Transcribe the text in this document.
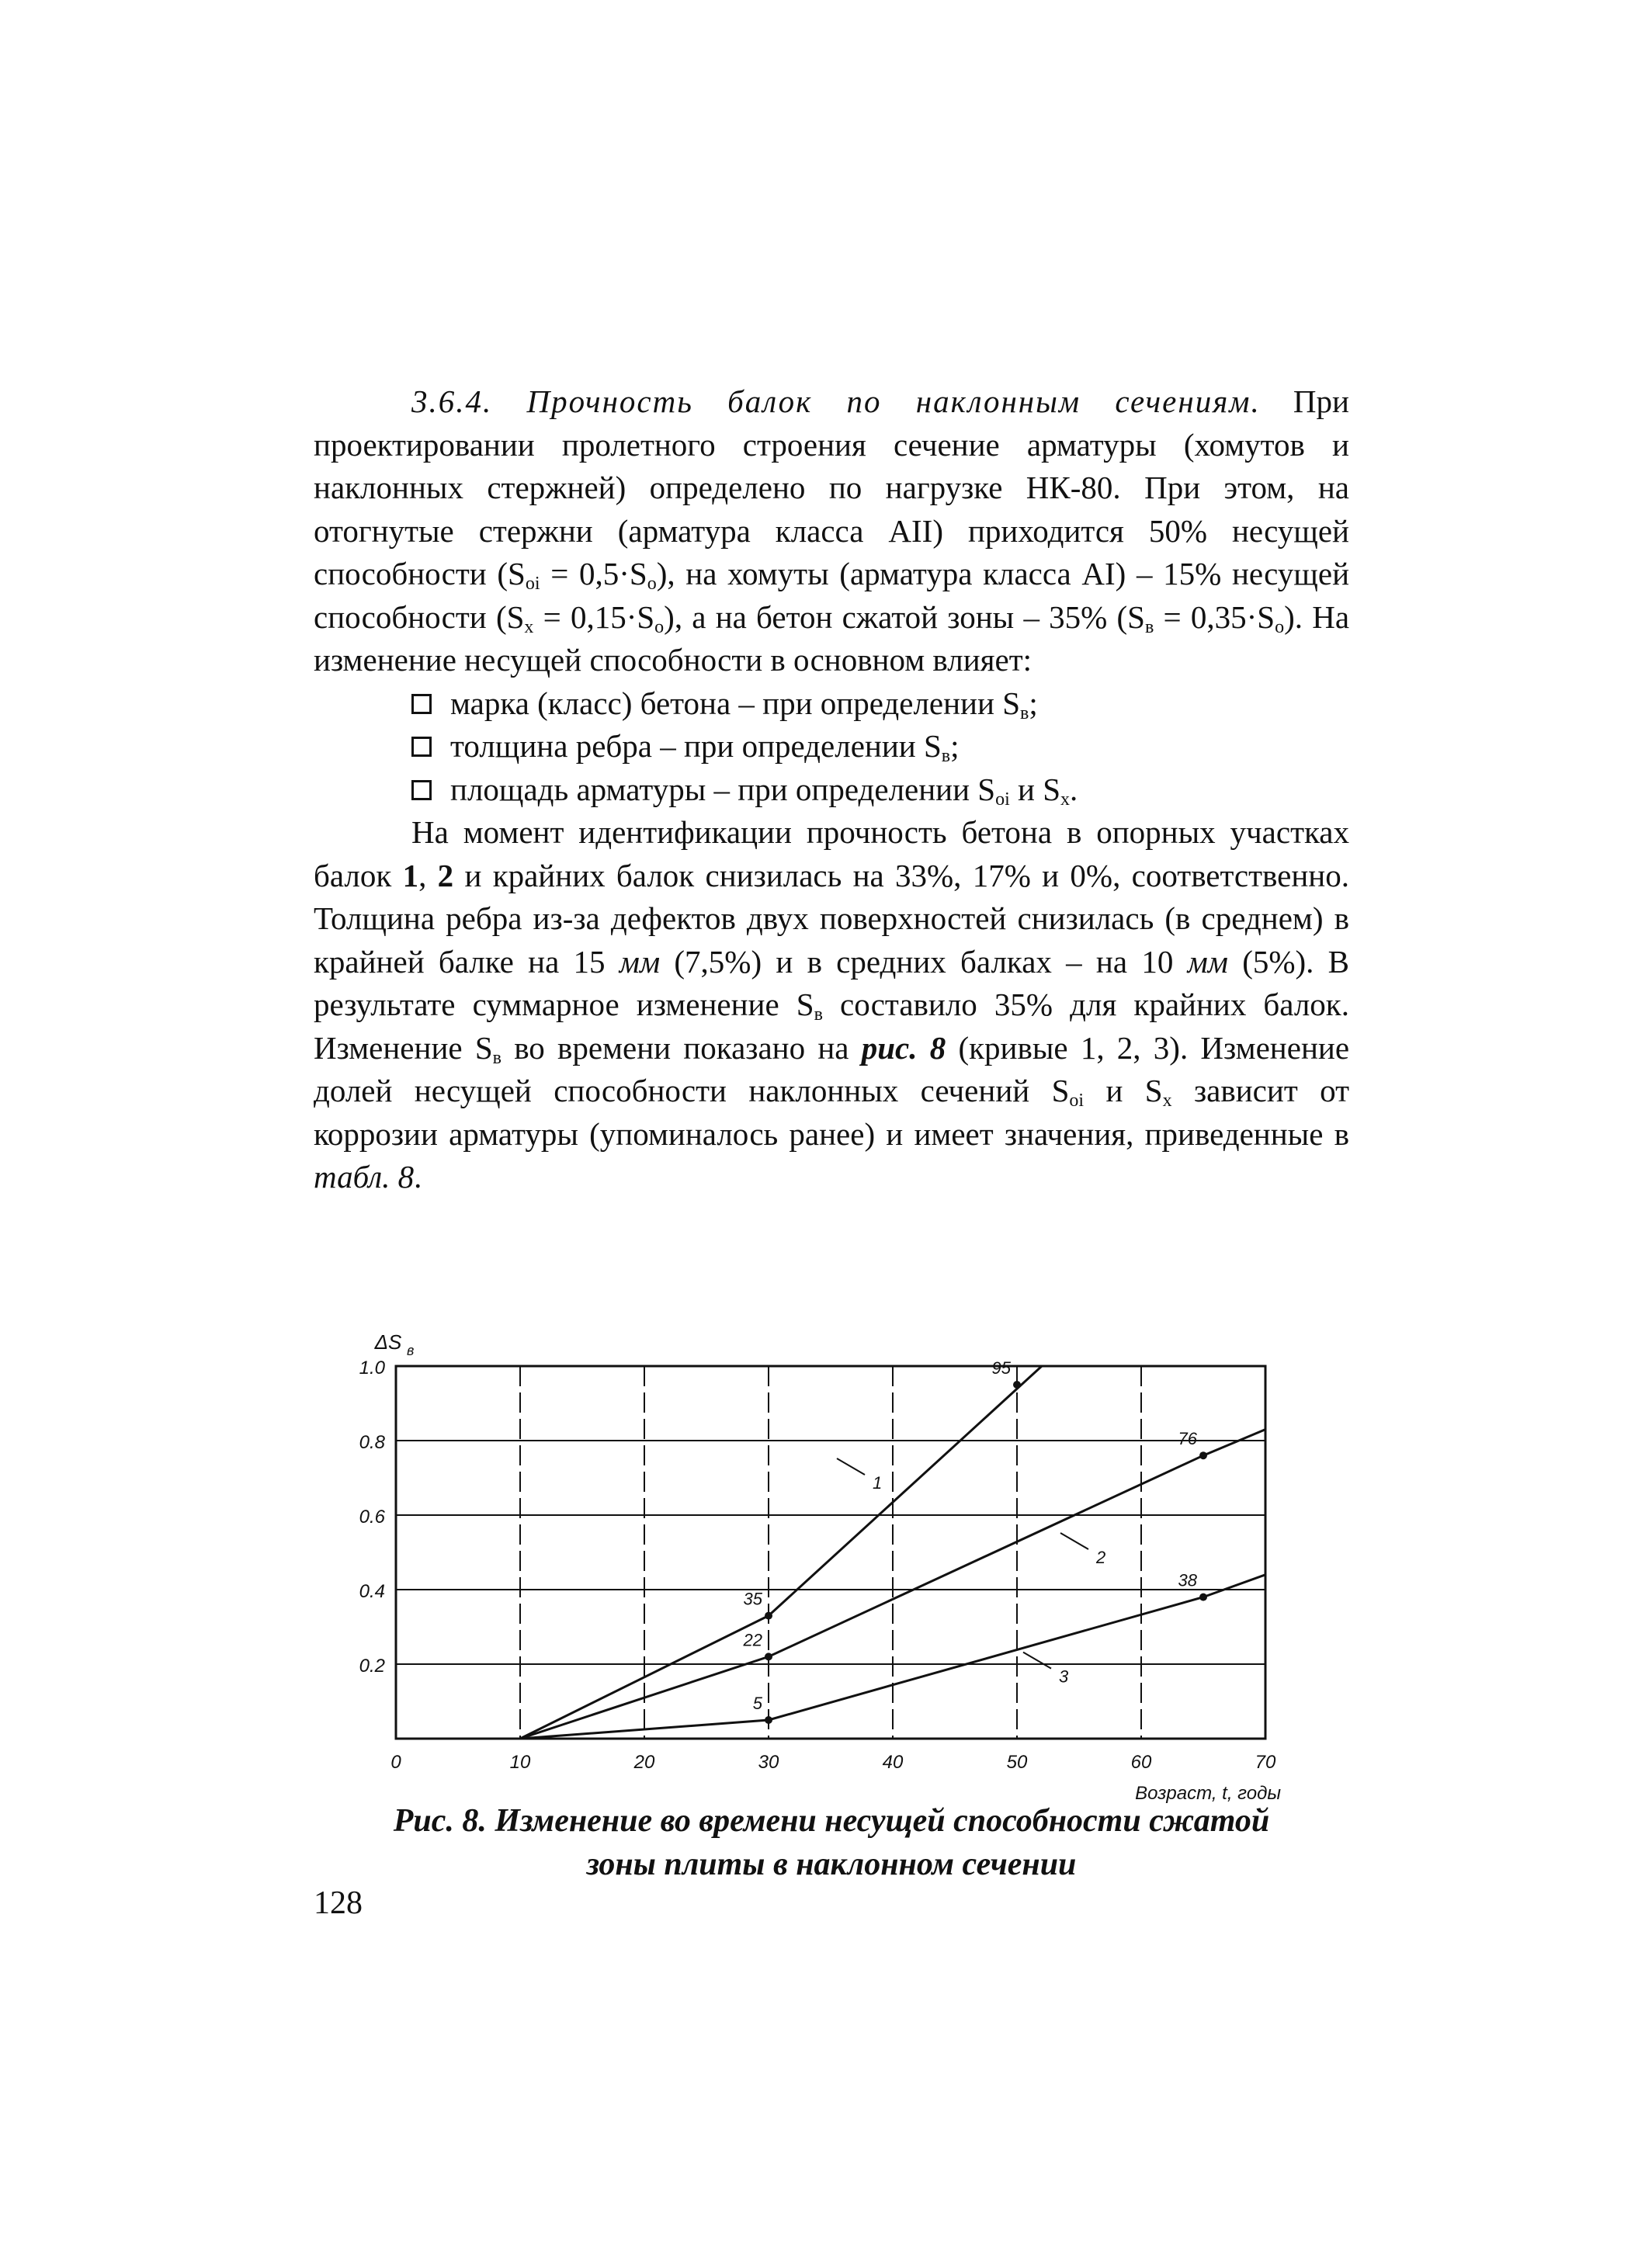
3.6.4. Прочность балок по наклонным сечениям. При проектировании пролетного строения сечение арматуры (хомутов и наклонных стержней) определено по нагрузке НК-80. При этом, на отогнутые стержни (арматура класса АII) приходится 50% несущей способности $(S_{oi} = 0,5\cdot S_o)$, на хомуты (арматура класса AI) – 15% несущей способности $(S_x = 0,15\cdot S_o)$, а на бетон сжатой зоны – 35% $(S_в = 0,35\cdot S_o)$. На изменение несущей способности в основном влияет:

марка (класс) бетона – при определении $S_в$;
толщина ребра – при определении $S_в$;
площадь арматуры – при определении $S_{oi}$ и $S_x$.

На момент идентификации прочность бетона в опорных участках балок 1, 2 и крайних балок снизилась на 33%, 17% и 0%, соответственно. Толщина ребра из-за дефектов двух поверхностей снизилась (в среднем) в крайней балке на 15 мм (7,5%) и в средних балках – на 10 мм (5%). В результате суммарное изменение $S_в$ составило 35% для крайних балок. Изменение $S_в$ во времени показано на рис. 8 (кривые 1, 2, 3). Изменение долей несущей способности наклонных сечений $S_{oi}$ и $S_x$ зависит от коррозии арматуры (упоминалось ранее) и имеет значения, приведенные в табл. 8.

1.0
0.8
0.6
0.4
0.2
0	10	20	30	40	50	60	70
ΔS в
Возраст, t, годы
35
95
1
22
76
2
5
38
3
Рис. 8. Изменение во времени несущей способности сжатой
зоны плиты в наклонном сечении
128
